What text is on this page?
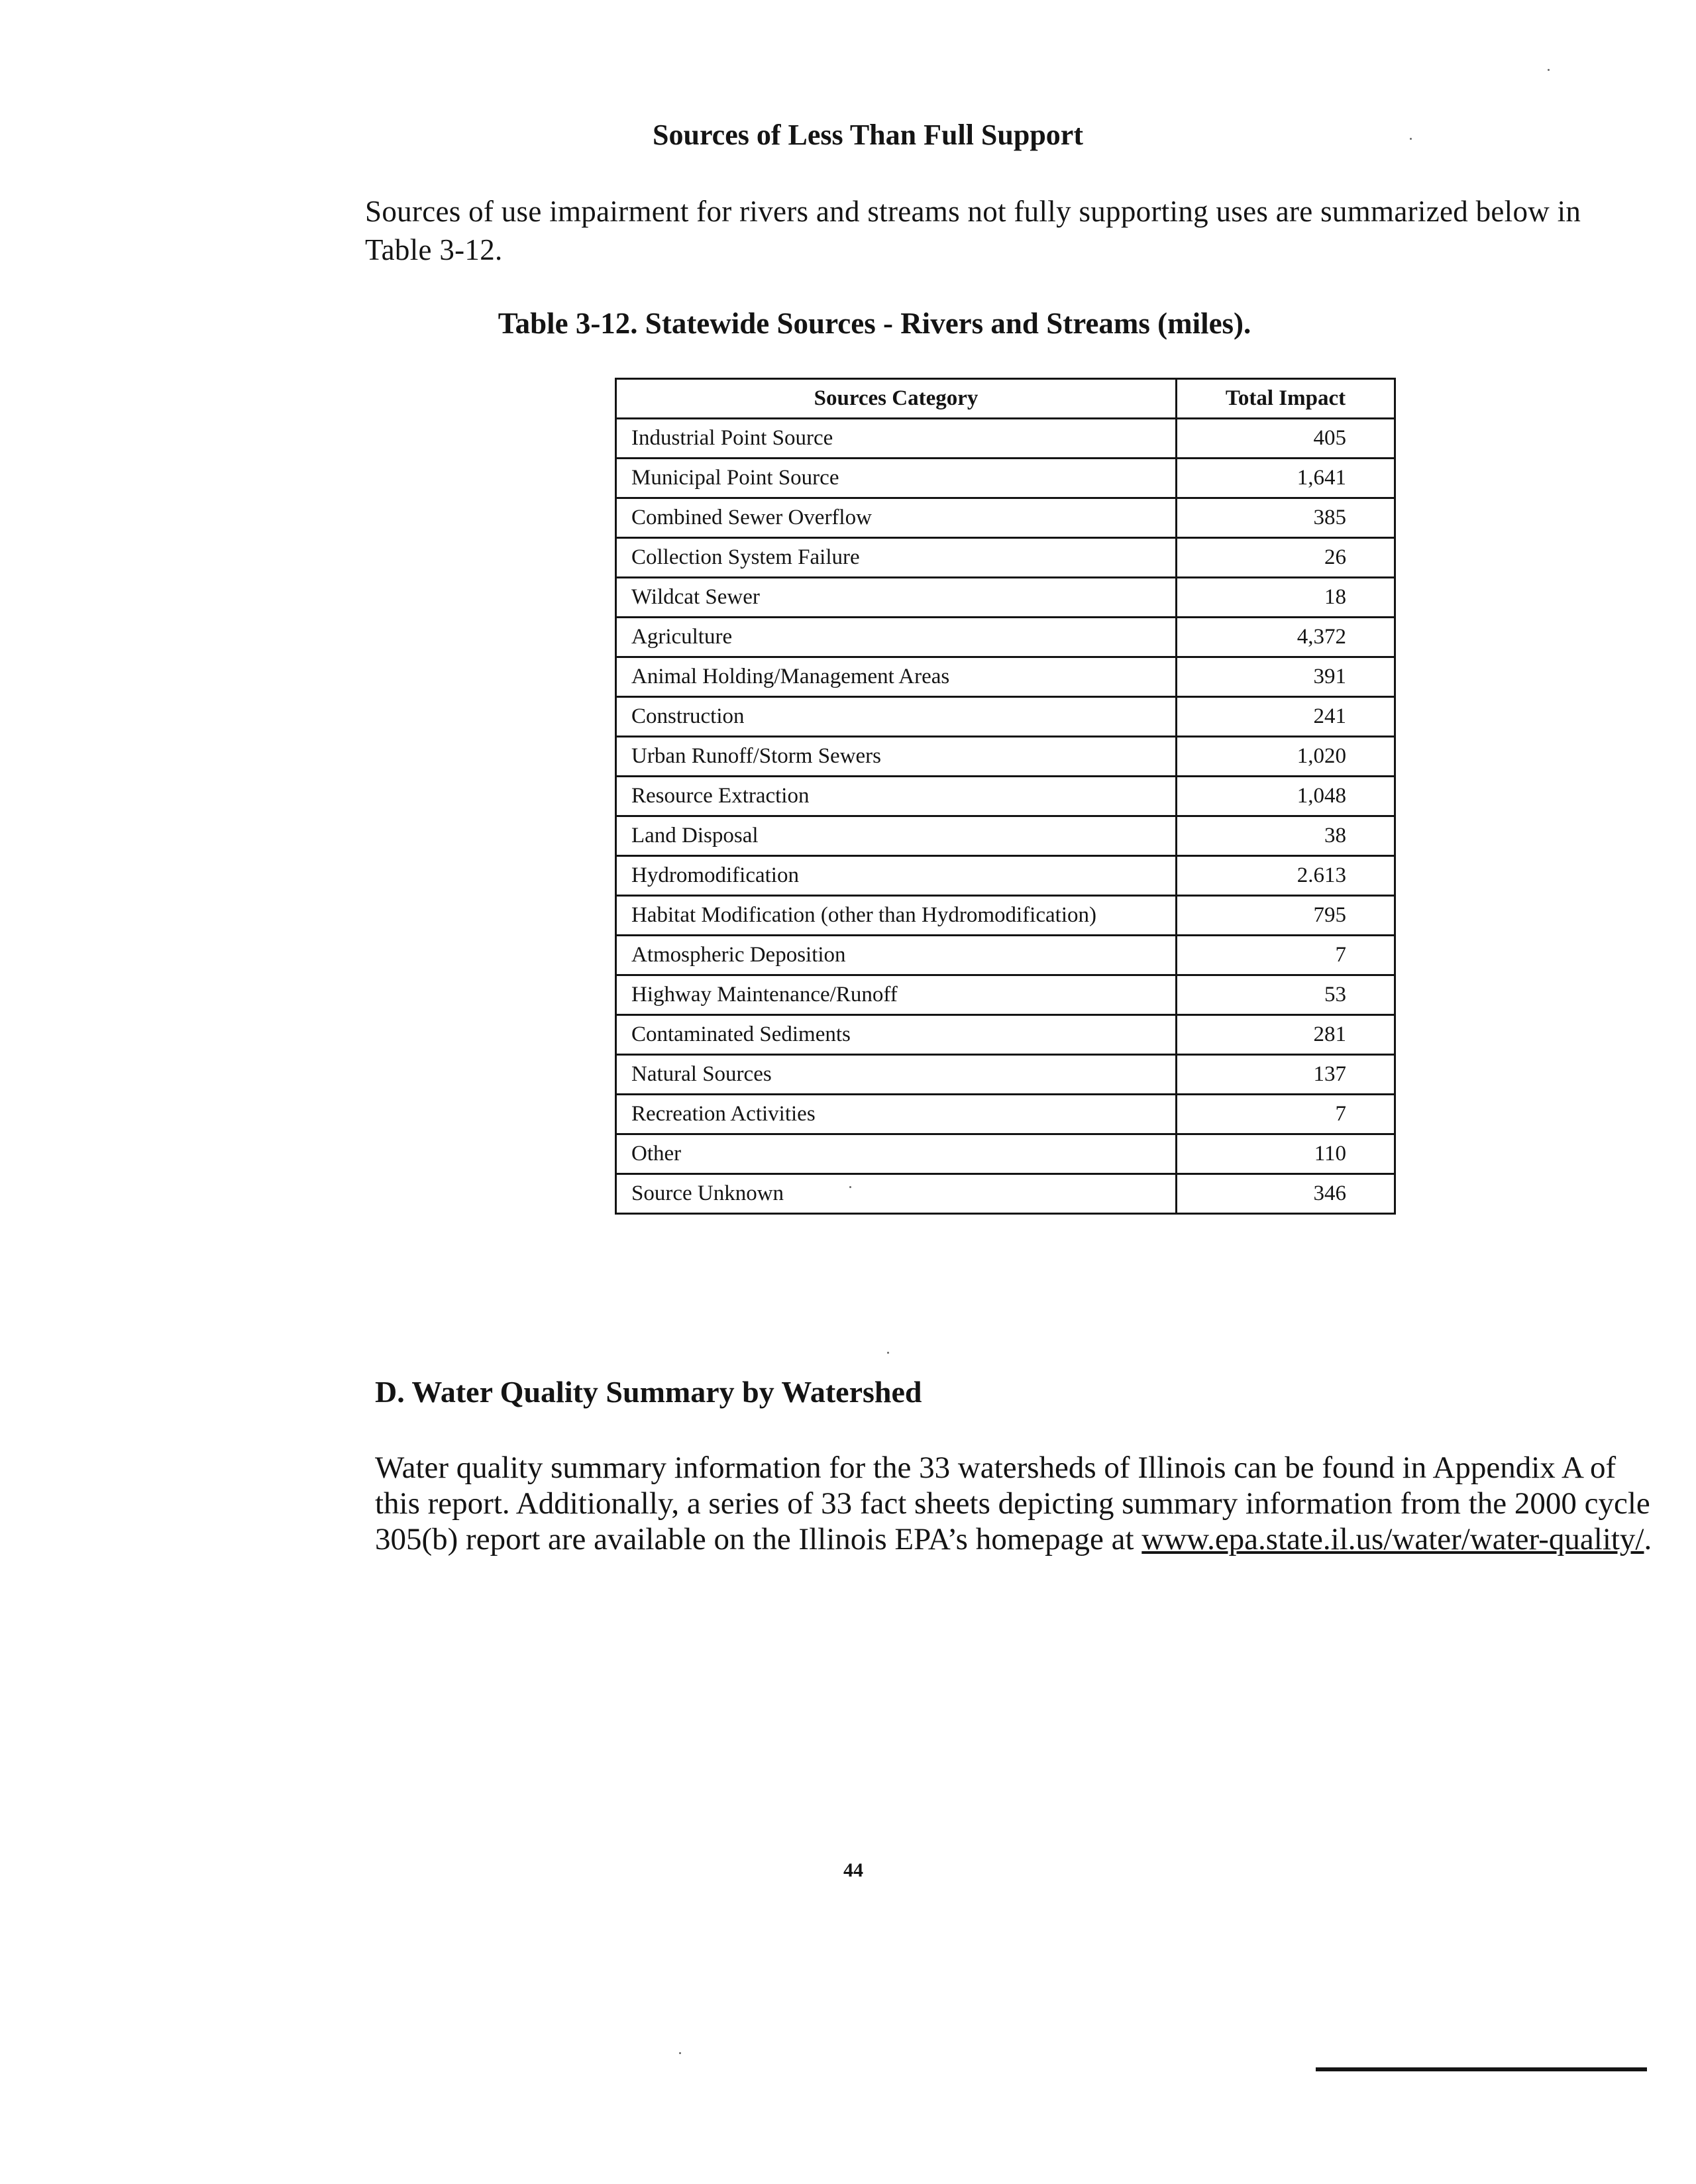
Sources of Less Than Full Support

Sources of use impairment for rivers and streams not fully supporting uses are summarized below in Table 3-12.

Table 3-12. Statewide Sources - Rivers and Streams (miles).
Sources Category	Total Impact
Industrial Point Source	405
Municipal Point Source	1,641
Combined Sewer Overflow	385
Collection System Failure	26
Wildcat Sewer	18
Agriculture	4,372
Animal Holding/Management Areas	391
Construction	241
Urban Runoff/Storm Sewers	1,020
Resource Extraction	1,048
Land Disposal	38
Hydromodification	2.613
Habitat Modification (other than Hydromodification)	795
Atmospheric Deposition	7
Highway Maintenance/Runoff	53
Contaminated Sediments	281
Natural Sources	137
Recreation Activities	7
Other	110
Source Unknown	346
D. Water Quality Summary by Watershed

Water quality summary information for the 33 watersheds of Illinois can be found in Appendix A of this report. Additionally, a series of 33 fact sheets depicting summary information from the 2000 cycle 305(b) report are available on the Illinois EPA’s homepage at www.epa.state.il.us/water/water-quality/.

44
